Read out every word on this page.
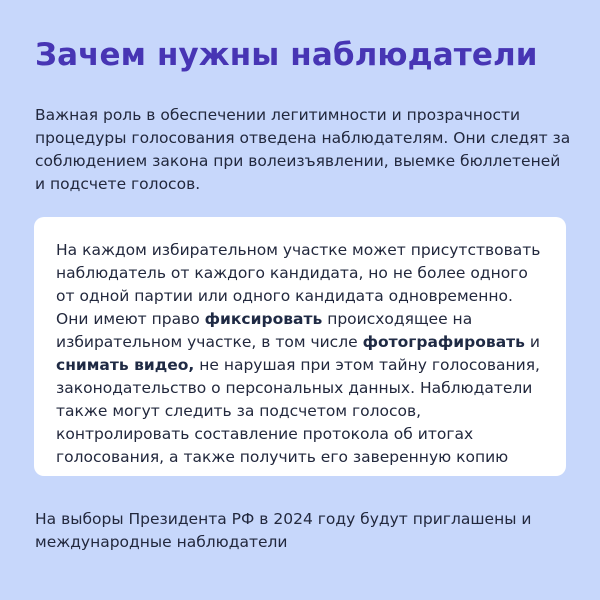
Зачем нужны наблюдатели

Важная роль в обеспечении легитимности и прозрачности процедуры голосования отведена наблюдателям. Они следят за соблюдением закона при волеизъявлении, выемке бюллетеней и подсчете голосов.

На каждом избирательном участке может присутствовать наблюдатель от каждого кандидата, но не более одного от одной партии или одного кандидата одновременно. Они имеют право фиксировать происходящее на избирательном участке, в том числе фотографировать и снимать видео, не нарушая при этом тайну голосования, законодательство о персональных данных. Наблюдатели также могут следить за подсчетом голосов, контролировать составление протокола об итогах голосования, а также получить его заверенную копию

На выборы Президента РФ в 2024 году будут приглашены и международные наблюдатели
